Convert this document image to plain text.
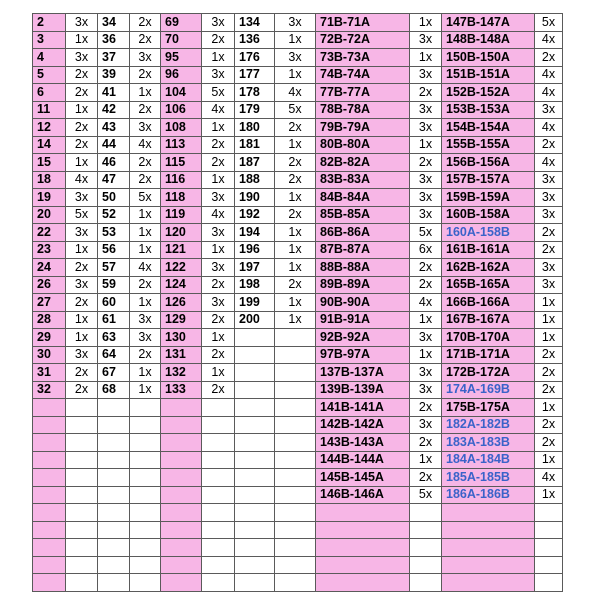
2	3x	34	2x	69	3x	134	3x	71B-71A	1x	147B-147A	5x
3	1x	36	2x	70	2x	136	1x	72B-72A	3x	148B-148A	4x
4	3x	37	3x	95	1x	176	3x	73B-73A	1x	150B-150A	2x
5	2x	39	2x	96	3x	177	1x	74B-74A	3x	151B-151A	4x
6	2x	41	1x	104	5x	178	4x	77B-77A	2x	152B-152A	4x
11	1x	42	2x	106	4x	179	5x	78B-78A	3x	153B-153A	3x
12	2x	43	3x	108	1x	180	2x	79B-79A	3x	154B-154A	4x
14	2x	44	4x	113	2x	181	1x	80B-80A	1x	155B-155A	2x
15	1x	46	2x	115	2x	187	2x	82B-82A	2x	156B-156A	4x
18	4x	47	2x	116	1x	188	2x	83B-83A	3x	157B-157A	3x
19	3x	50	5x	118	3x	190	1x	84B-84A	3x	159B-159A	3x
20	5x	52	1x	119	4x	192	2x	85B-85A	3x	160B-158A	3x
22	3x	53	1x	120	3x	194	1x	86B-86A	5x	160A-158B	2x
23	1x	56	1x	121	1x	196	1x	87B-87A	6x	161B-161A	2x
24	2x	57	4x	122	3x	197	1x	88B-88A	2x	162B-162A	3x
26	3x	59	2x	124	2x	198	2x	89B-89A	2x	165B-165A	3x
27	2x	60	1x	126	3x	199	1x	90B-90A	4x	166B-166A	1x
28	1x	61	3x	129	2x	200	1x	91B-91A	1x	167B-167A	1x
29	1x	63	3x	130	1x			92B-92A	3x	170B-170A	1x
30	3x	64	2x	131	2x			97B-97A	1x	171B-171A	2x
31	2x	67	1x	132	1x			137B-137A	3x	172B-172A	2x
32	2x	68	1x	133	2x			139B-139A	3x	174A-169B	2x
								141B-141A	2x	175B-175A	1x
								142B-142A	3x	182A-182B	2x
								143B-143A	2x	183A-183B	2x
								144B-144A	1x	184A-184B	1x
								145B-145A	2x	185A-185B	4x
								146B-146A	5x	186A-186B	1x
